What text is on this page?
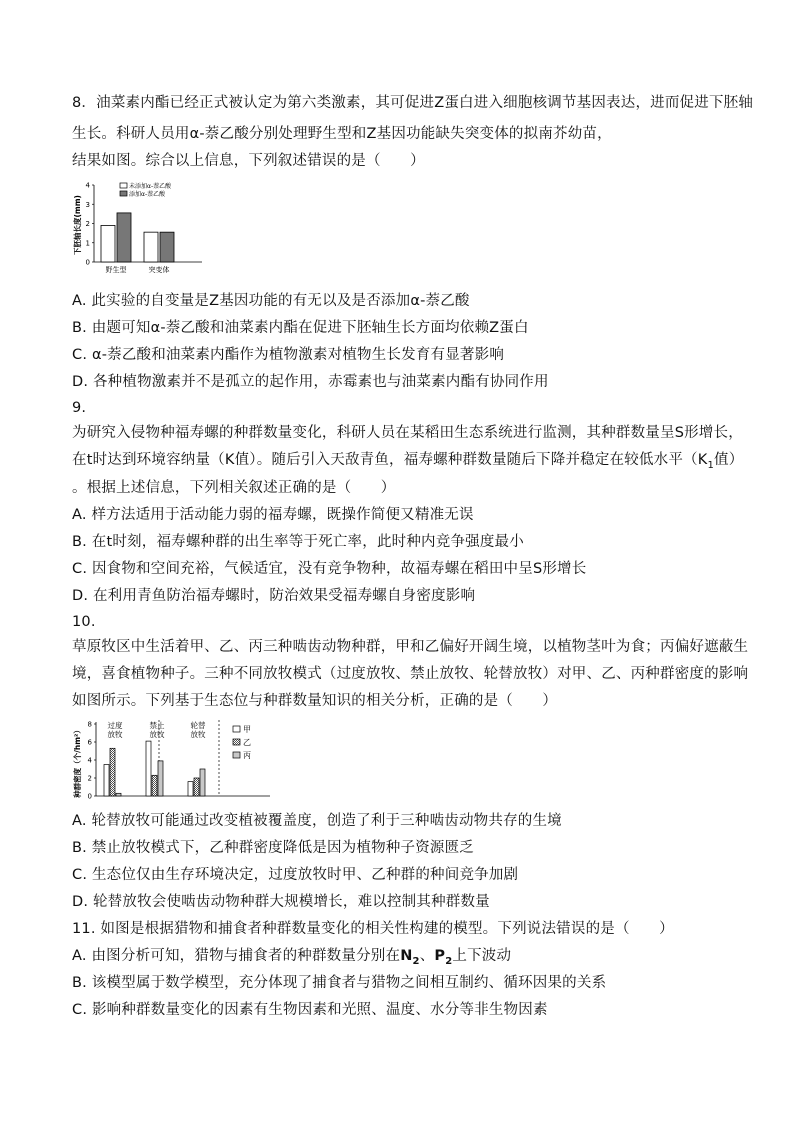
8．油菜素内酯已经正式被认定为第六类激素，其可促进Z蛋白进入细胞核调节基因表达，进而促进下胚轴
生长。科研人员用α-萘乙酸分别处理野生型和Z基因功能缺失突变体的拟南芥幼苗，
结果如图。综合以上信息，下列叙述错误的是（　　）
下胚轴长度(mm)
0
1
2
3
4
野生型	突变体
未添加α-萘乙酸
添加α-萘乙酸
A. 此实验的自变量是Z基因功能的有无以及是否添加α-萘乙酸
B. 由题可知α-萘乙酸和油菜素内酯在促进下胚轴生长方面均依赖Z蛋白
C. α-萘乙酸和油菜素内酯作为植物激素对植物生长发育有显著影响
D. 各种植物激素并不是孤立的起作用，赤霉素也与油菜素内酯有协同作用
9.
为研究入侵物种福寿螺的种群数量变化，科研人员在某稻田生态系统进行监测，其种群数量呈S形增长，
在t时达到环境容纳量（K值）。随后引入天敌青鱼，福寿螺种群数量随后下降并稳定在较低水平（$K_1$值）
。根据上述信息，下列相关叙述正确的是（　　）
A. 样方法适用于活动能力弱的福寿螺，既操作简便又精准无误
B. 在t时刻，福寿螺种群的出生率等于死亡率，此时种内竞争强度最小
C. 因食物和空间充裕，气候适宜，没有竞争物种，故福寿螺在稻田中呈S形增长
D. 在利用青鱼防治福寿螺时，防治效果受福寿螺自身密度影响
10.
草原牧区中生活着甲、乙、丙三种啮齿动物种群，甲和乙偏好开阔生境，以植物茎叶为食；丙偏好遮蔽生
境，喜食植物种子。三种不同放牧模式（过度放牧、禁止放牧、轮替放牧）对甲、乙、丙种群密度的影响
如图所示。下列基于生态位与种群数量知识的相关分析，正确的是（　　）
种群密度（个/hm²） 0
2
4
6
8 过度
放牧
禁止
放牧
轮替
放牧
甲
乙
丙
A. 轮替放牧可能通过改变植被覆盖度，创造了利于三种啮齿动物共存的生境
B. 禁止放牧模式下，乙种群密度降低是因为植物种子资源匮乏
C. 生态位仅由生存环境决定，过度放牧时甲、乙种群的种间竞争加剧
D. 轮替放牧会使啮齿动物种群大规模增长，难以控制其种群数量
11. 如图是根据猎物和捕食者种群数量变化的相关性构建的模型。下列说法错误的是（　　）
A. 由图分析可知，猎物与捕食者的种群数量分别在$N_2$、$P_2$上下波动
B. 该模型属于数学模型，充分体现了捕食者与猎物之间相互制约、循环因果的关系
C. 影响种群数量变化的因素有生物因素和光照、温度、水分等非生物因素
